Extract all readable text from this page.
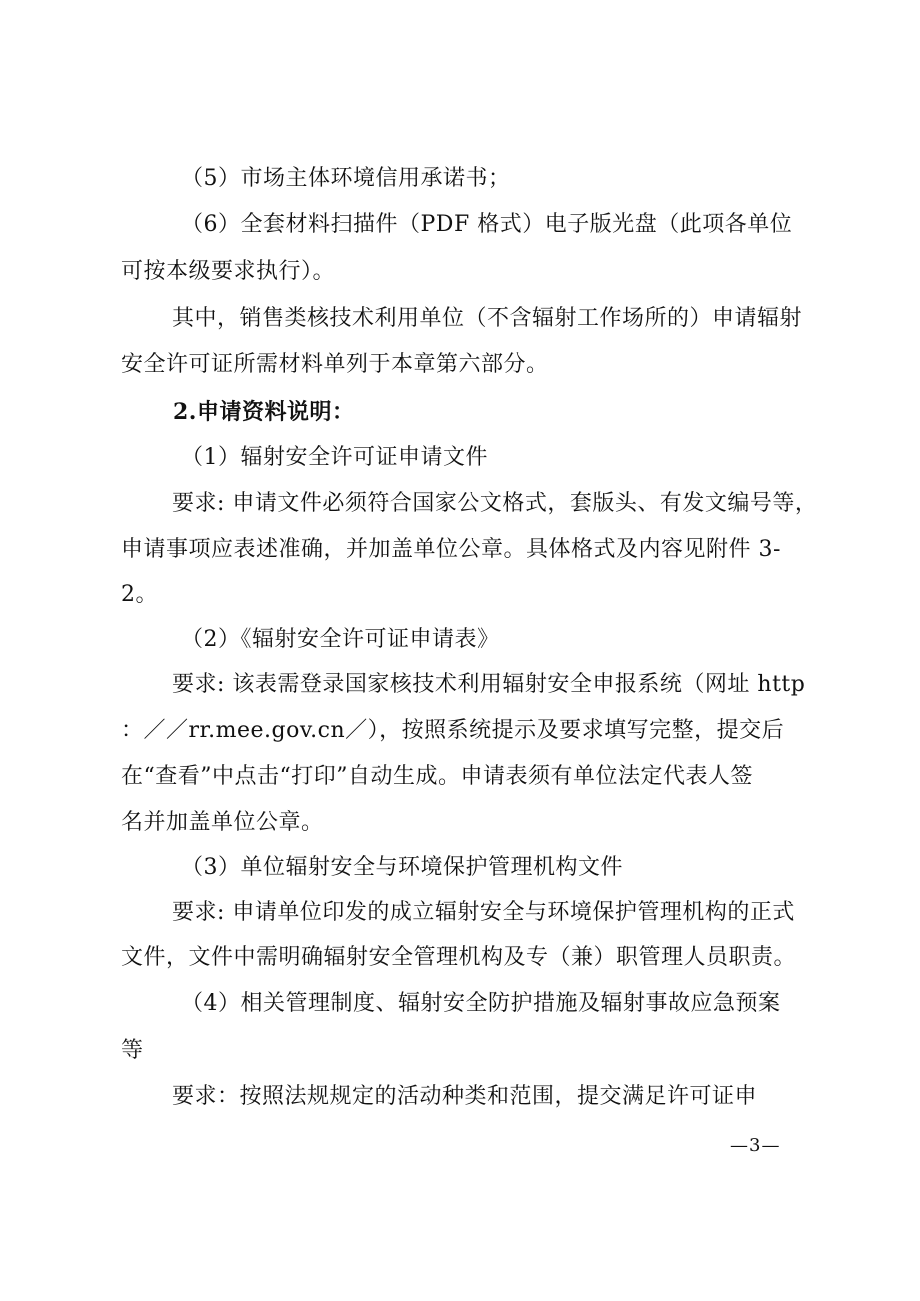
（5）市场主体环境信用承诺书；
（6）全套材料扫描件（PDF 格式）电子版光盘（此项各单位
可按本级要求执行）。
其中，销售类核技术利用单位（不含辐射工作场所的）申请辐射
安全许可证所需材料单列于本章第六部分。
2.申请资料说明：
（1）辐射安全许可证申请文件
要求: 申请文件必须符合国家公文格式，套版头、有发文编号等，
申请事项应表述准确，并加盖单位公章。具体格式及内容见附件 3-
2。
（2）《辐射安全许可证申请表》
要求: 该表需登录国家核技术利用辐射安全申报系统（网址 http
：／／rr.mee.gov.cn／），按照系统提示及要求填写完整，提交后
在“查看”中点击“打印”自动生成。申请表须有单位法定代表人签
名并加盖单位公章。
（3）单位辐射安全与环境保护管理机构文件
要求: 申请单位印发的成立辐射安全与环境保护管理机构的正式
文件，文件中需明确辐射安全管理机构及专（兼）职管理人员职责。
（4）相关管理制度、辐射安全防护措施及辐射事故应急预案
等
要求：按照法规规定的活动种类和范围，提交满足许可证申
—3—
